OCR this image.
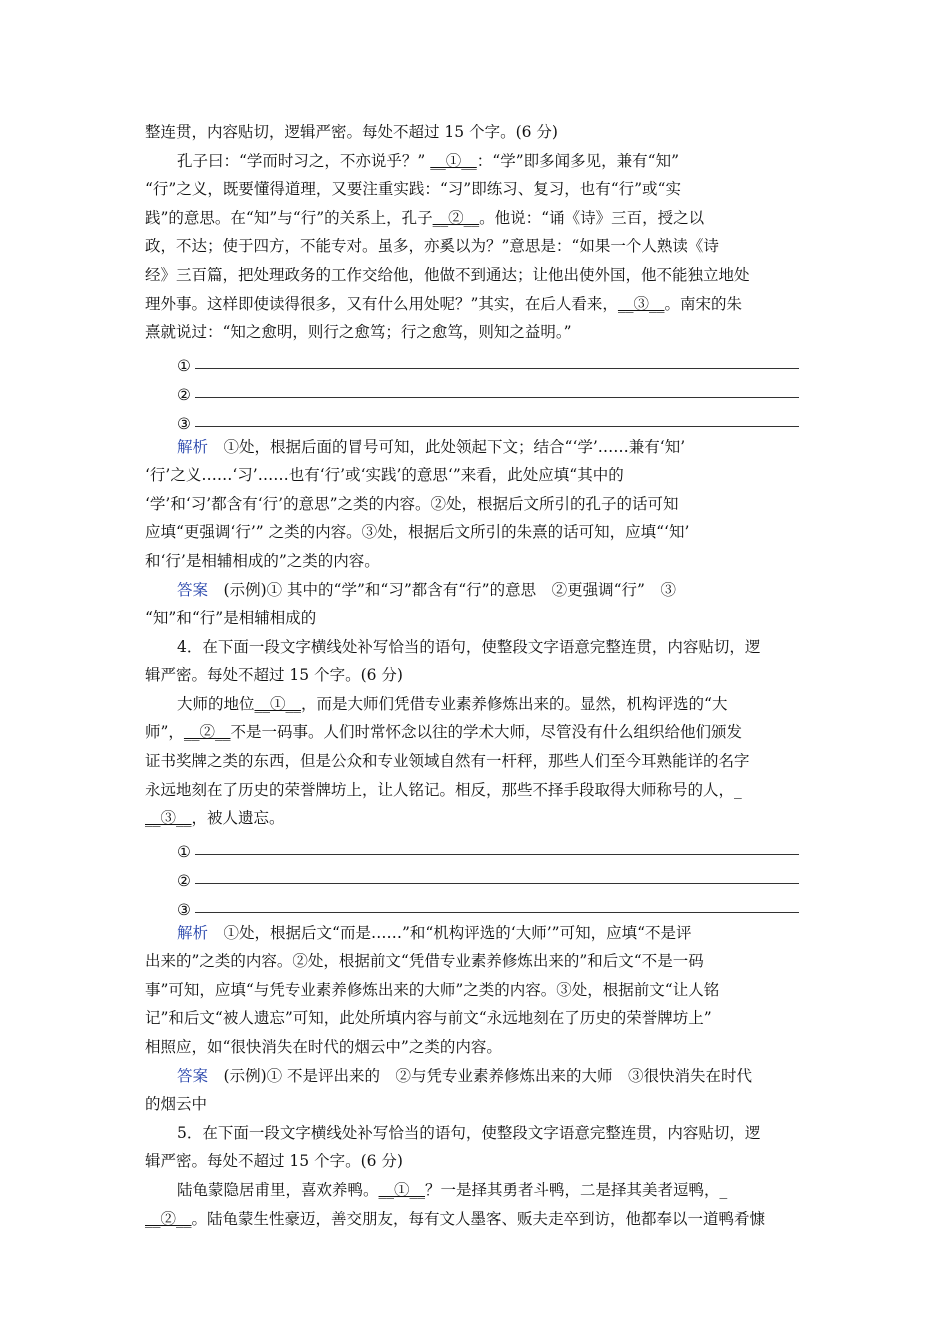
整连贯，内容贴切，逻辑严密。每处不超过 15 个字。(6 分)
孔子曰：“学而时习之，不亦说乎？” __①__：“学”即多闻多见，兼有“知”
“行”之义，既要懂得道理，又要注重实践：“习”即练习、复习，也有“行”或“实
践”的意思。在“知”与“行”的关系上，孔子__②__。他说：“诵《诗》三百，授之以
政，不达；使于四方，不能专对。虽多，亦奚以为？”意思是：“如果一个人熟读《诗
经》三百篇，把处理政务的工作交给他，他做不到通达；让他出使外国，他不能独立地处
理外事。这样即使读得很多，又有什么用处呢？”其实，在后人看来，__③__。南宋的朱
熹就说过：“知之愈明，则行之愈笃；行之愈笃，则知之益明。”
①
②
③
解析　 ①处，根据后面的冒号可知，此处领起下文；结合“‘学’……兼有‘知’
‘行’之义……‘习’……也有‘行’或‘实践’的意思‘”来看，此处应填“其中的
‘学’和‘习’都含有‘行’的意思”之类的内容。②处，根据后文所引的孔子的话可知
应填“更强调‘行’” 之类的内容。③处，根据后文所引的朱熹的话可知，应填“‘知’
和‘行’是相辅相成的”之类的内容。
答案　 (示例)① 其中的“学”和“习”都含有“行”的意思　②更强调“行”　③
“知”和“行”是相辅相成的
4．在下面一段文字横线处补写恰当的语句，使整段文字语意完整连贯，内容贴切，逻
辑严密。每处不超过 15 个字。(6 分)
大师的地位__①__，而是大师们凭借专业素养修炼出来的。显然，机构评选的“大
师”，__②__不是一码事。人们时常怀念以往的学术大师，尽管没有什么组织给他们颁发
证书奖牌之类的东西，但是公众和专业领域自然有一杆秤，那些人们至今耳熟能详的名字
永远地刻在了历史的荣誉牌坊上，让人铭记。相反，那些不择手段取得大师称号的人，_
__③__，被人遗忘。
①
②
③
解析　 ①处，根据后文“而是……”和“机构评选的‘大师’”可知，应填“不是评
出来的”之类的内容。②处，根据前文“凭借专业素养修炼出来的”和后文“不是一码
事”可知，应填“与凭专业素养修炼出来的大师”之类的内容。③处，根据前文“让人铭
记”和后文“被人遗忘”可知，此处所填内容与前文“永远地刻在了历史的荣誉牌坊上”
相照应，如“很快消失在时代的烟云中”之类的内容。
答案　 (示例)① 不是评出来的　②与凭专业素养修炼出来的大师　③很快消失在时代
的烟云中
5．在下面一段文字横线处补写恰当的语句，使整段文字语意完整连贯，内容贴切，逻
辑严密。每处不超过 15 个字。(6 分)
陆龟蒙隐居甫里，喜欢养鸭。__①__？一是择其勇者斗鸭，二是择其美者逗鸭，_
__②__。陆龟蒙生性豪迈，善交朋友，每有文人墨客、贩夫走卒到访，他都奉以一道鸭肴慷
